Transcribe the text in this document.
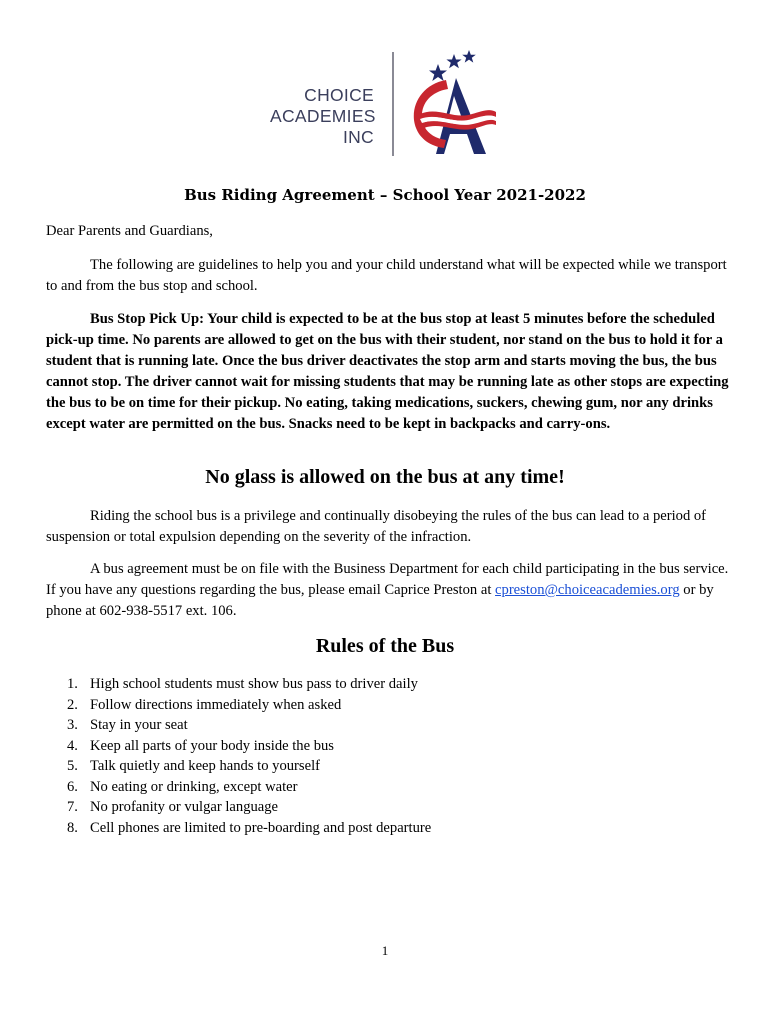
CHOICE
ACADEMIES
INC
Bus Riding Agreement – School Year 2021-2022
Dear Parents and Guardians,
The following are guidelines to help you and your child understand what will be expected while we transport to and from the bus stop and school.
Bus Stop Pick Up: Your child is expected to be at the bus stop at least 5 minutes before the scheduled pick-up time. No parents are allowed to get on the bus with their student, nor stand on the bus to hold it for a student that is running late. Once the bus driver deactivates the stop arm and starts moving the bus, the bus cannot stop. The driver cannot wait for missing students that may be running late as other stops are expecting the bus to be on time for their pickup. No eating, taking medications, suckers, chewing gum, nor any drinks except water are permitted on the bus. Snacks need to be kept in backpacks and carry-ons.
No glass is allowed on the bus at any time!
Riding the school bus is a privilege and continually disobeying the rules of the bus can lead to a period of suspension or total expulsion depending on the severity of the infraction.
A bus agreement must be on file with the Business Department for each child participating in the bus service. If you have any questions regarding the bus, please email Caprice Preston at cpreston@choiceacademies.org or by phone at 602-938-5517 ext. 106.
Rules of the Bus
1. High school students must show bus pass to driver daily
2. Follow directions immediately when asked
3. Stay in your seat
4. Keep all parts of your body inside the bus
5. Talk quietly and keep hands to yourself
6. No eating or drinking, except water
7. No profanity or vulgar language
8. Cell phones are limited to pre-boarding and post departure
1
